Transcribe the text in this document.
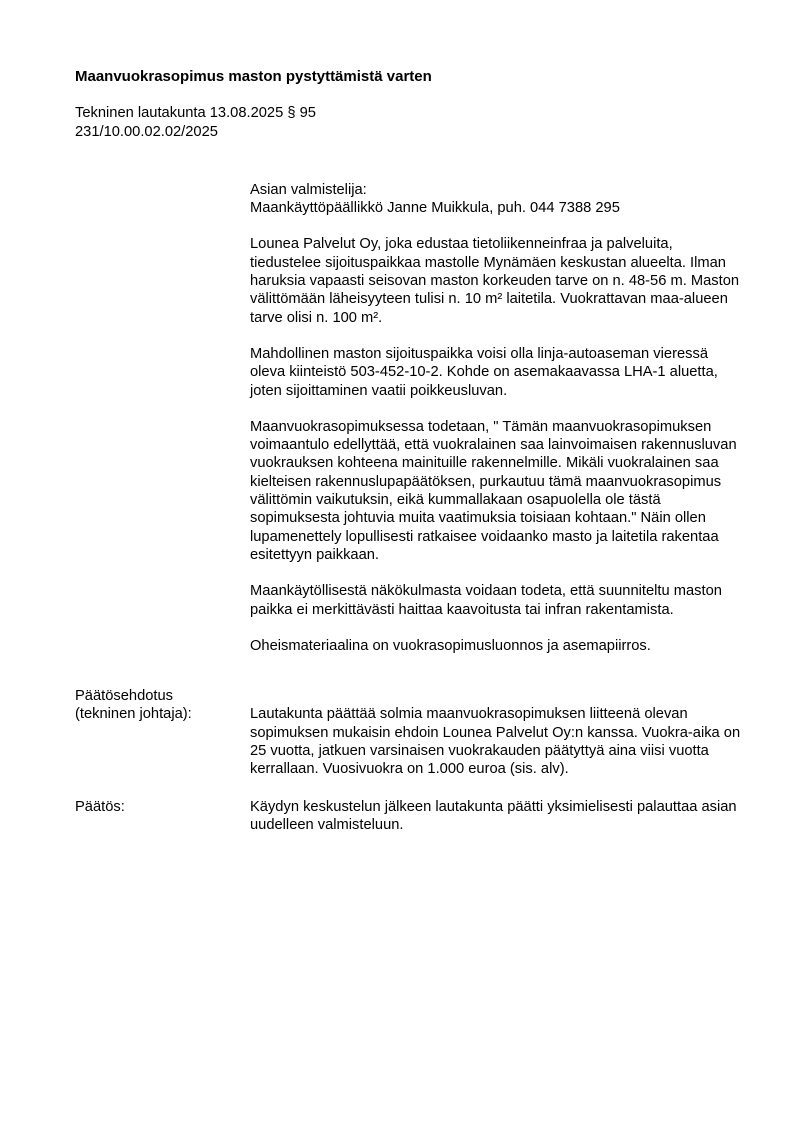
Maanvuokrasopimus maston pystyttämistä varten
Tekninen lautakunta 13.08.2025 § 95
231/10.00.02.02/2025
Asian valmistelija:
Maankäyttöpäällikkö Janne Muikkula, puh. 044 7388 295

Lounea Palvelut Oy, joka edustaa tietoliikenneinfraa ja palveluita, tiedustelee sijoituspaikkaa mastolle Mynämäen keskustan alueelta. Ilman haruksia vapaasti seisovan maston korkeuden tarve on n. 48-56 m. Maston välittömään läheisyyteen tulisi n. 10 m² laitetila. Vuokrattavan maa-alueen tarve olisi n. 100 m².

Mahdollinen maston sijoituspaikka voisi olla linja-autoaseman vieressä oleva kiinteistö 503-452-10-2. Kohde on asemakaavassa LHA-1 aluetta, joten sijoittaminen vaatii poikkeusluvan.

Maanvuokrasopimuksessa todetaan, " Tämän maanvuokrasopimuksen voimaantulo edellyttää, että vuokralainen saa lainvoimaisen rakennusluvan vuokrauksen kohteena mainituille rakennelmille. Mikäli vuokralainen saa kielteisen rakennuslupapäätöksen, purkautuu tämä maanvuokrasopimus välittömin vaikutuksin, eikä kummallakaan osapuolella ole tästä sopimuksesta johtuvia muita vaatimuksia toisiaan kohtaan." Näin ollen lupamenettely lopullisesti ratkaisee voidaanko masto ja laitetila rakentaa esitettyyn paikkaan.

Maankäytöllisestä näkökulmasta voidaan todeta, että suunniteltu maston paikka ei merkittävästi haittaa kaavoitusta tai infran rakentamista.

Oheismateriaalina on vuokrasopimusluonnos ja asemapiirros.

Päätösehdotus
(tekninen johtaja):	Lautakunta päättää solmia maanvuokrasopimuksen liitteenä olevan sopimuksen mukaisin ehdoin Lounea Palvelut Oy:n kanssa. Vuokra-aika on 25 vuotta, jatkuen varsinaisen vuokrakauden päätyttyä aina viisi vuotta kerrallaan. Vuosivuokra on 1.000 euroa (sis. alv).
Päätös:	Käydyn keskustelun jälkeen lautakunta päätti yksimielisesti palauttaa asian uudelleen valmisteluun.
